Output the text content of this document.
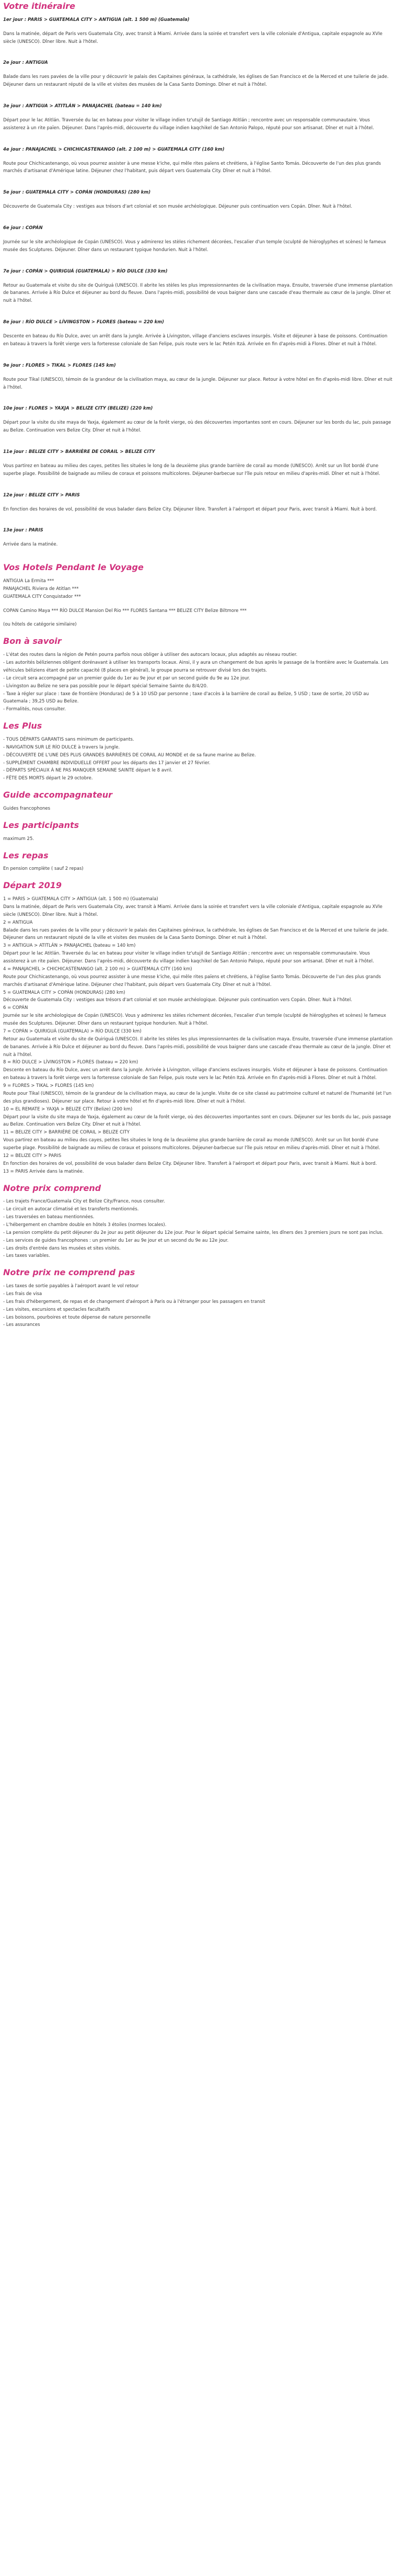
Votre itinéraire
1er jour : PARIS > GUATEMALA CITY > ANTIGUA (alt. 1 500 m) (Guatemala)

Dans la matinée, départ de Paris vers Guatemala City, avec transit à Miami. Arrivée dans la soirée et transfert vers la ville coloniale d'Antigua, capitale espagnole au XVIe siècle (UNESCO). Dîner libre. Nuit à l'hôtel.

2e jour : ANTIGUA

Balade dans les rues pavées de la ville pour y découvrir le palais des Capitaines généraux, la cathédrale, les églises de San Francisco et de la Merced et une tuilerie de jade. Déjeuner dans un restaurant réputé de la ville et visites des musées de la Casa Santo Domingo. Dîner et nuit à l'hôtel.

3e jour : ANTIGUA > ATITLÁN > PANAJACHEL (bateau = 140 km)

Départ pour le lac Atitlán. Traversée du lac en bateau pour visiter le village indien tz'utujil de Santiago Atitlán ; rencontre avec un responsable communautaire. Vous assisterez à un rite païen. Déjeuner. Dans l'après-midi, découverte du village indien kaqchikel de San Antonio Palopo, réputé pour son artisanat. Dîner et nuit à l'hôtel.

4e jour : PANAJACHEL > CHICHICASTENANGO (alt. 2 100 m) > GUATEMALA CITY (160 km)

Route pour Chichicastenango, où vous pourrez assister à une messe k'iche, qui mêle rites païens et chrétiens, à l'église Santo Tomás. Découverte de l'un des plus grands marchés d'artisanat d'Amérique latine. Déjeuner chez l'habitant, puis départ vers Guatemala City. Dîner et nuit à l'hôtel.

5e jour : GUATEMALA CITY > COPÁN (HONDURAS) (280 km)

Découverte de Guatemala City : vestiges aux trésors d'art colonial et son musée archéologique. Déjeuner puis continuation vers Copán. Dîner. Nuit à l'hôtel.

6e jour : COPÁN

Journée sur le site archéologique de Copán (UNESCO). Vous y admirerez les stèles richement décorées, l'escalier d'un temple (sculpté de hiéroglyphes et scènes) le fameux musée des Sculptures. Déjeuner. Dîner dans un restaurant typique hondurien. Nuit à l'hôtel.

7e jour : COPÁN > QUIRIGUÁ (GUATEMALA) > RÍO DULCE (330 km)

Retour au Guatemala et visite du site de Quiriguá (UNESCO). Il abrite les stèles les plus impressionnantes de la civilisation maya. Ensuite, traversée d'une immense plantation de bananes. Arrivée à Río Dulce et déjeuner au bord du fleuve. Dans l'après-midi, possibilité de vous baigner dans une cascade d'eau thermale au cœur de la jungle. Dîner et nuit à l'hôtel.

8e jour : RÍO DULCE > LÍVINGSTON > FLORES (bateau = 220 km)

Descente en bateau du Río Dulce, avec un arrêt dans la jungle. Arrivée à Lívingston, village d'anciens esclaves insurgés. Visite et déjeuner à base de poissons. Continuation en bateau à travers la forêt vierge vers la forteresse coloniale de San Felipe, puis route vers le lac Petén Itzá. Arrivée en fin d'après-midi à Flores. Dîner et nuit à l'hôtel.

9e jour : FLORES > TIKAL > FLORES (145 km)

Route pour Tikal (UNESCO), témoin de la grandeur de la civilisation maya, au cœur de la jungle. Déjeuner sur place. Retour à votre hôtel en fin d'après-midi libre. Dîner et nuit à l'hôtel.

10e jour : FLORES > YAXJA > BELIZE CITY (BELIZE) (220 km)

Départ pour la visite du site maya de Yaxja, également au cœur de la forêt vierge, où des découvertes importantes sont en cours. Déjeuner sur les bords du lac, puis passage au Belize. Continuation vers Belize City. Dîner et nuit à l'hôtel.

11e jour : BELIZE CITY > BARRIÈRE DE CORAIL > BELIZE CITY

Vous partirez en bateau au milieu des cayes, petites îles situées le long de la deuxième plus grande barrière de corail au monde (UNESCO). Arrêt sur un îlot bordé d'une superbe plage. Possibilité de baignade au milieu de coraux et poissons multicolores. Déjeuner-barbecue sur l'île puis retour en milieu d'après-midi. Dîner et nuit à l'hôtel.

12e jour : BELIZE CITY > PARIS

En fonction des horaires de vol, possibilité de vous balader dans Belize City. Déjeuner libre. Transfert à l'aéroport et départ pour Paris, avec transit à Miami. Nuit à bord.

13e jour : PARIS

Arrivée dans la matinée.

Vos Hotels Pendant le Voyage
ANTIGUA La Ermita ***
PANAJACHEL Riviera de Atitlan ***
GUATEMALA CITY Conquistador ***
COPAN Camino Maya *** RÍO DULCE Mansion Del Rio *** FLORES Santana *** BELIZE CITY Belize Biltmore ***
(ou hôtels de catégorie similaire)
Bon à savoir
- L'état des routes dans la région de Petén pourra parfois nous obliger à utiliser des autocars locaux, plus adaptés au réseau routier.
- Les autorités béliziennes obligent dorénavant à utiliser les transports locaux. Ainsi, il y aura un changement de bus après le passage de la frontière avec le Guatemala. Les véhicules béliziens étant de petite capacité (8 places en général), le groupe pourra se retrouver divisé lors des trajets.
- Le circuit sera accompagné par un premier guide du 1er au 9e jour et par un second guide du 9e au 12e jour.
- Lívingston au Belize ne sera pas possible pour le départ spécial Semaine Sainte du 8/4/20.
- Taxe à régler sur place : taxe de frontière (Honduras) de 5 à 10 USD par personne ; taxe d'accès à la barrière de corail au Belize, 5 USD ; taxe de sortie, 20 USD au Guatemala ; 39,25 USD au Belize.
- Formalités, nous consulter.
Les Plus
- TOUS DÉPARTS GARANTIS sans minimum de participants.
- NAVIGATION SUR LE RÍO DULCE à travers la jungle.
- DÉCOUVERTE DE L'UNE DES PLUS GRANDES BARRIÈRES DE CORAIL AU MONDE et de sa faune marine au Belize.
- SUPPLÉMENT CHAMBRE INDIVIDUELLE OFFERT pour les départs des 17 janvier et 27 février.
- DÉPARTS SPÉCIAUX À NE PAS MANQUER SEMAINE SAINTE départ le 8 avril.
- FÊTE DES MORTS départ le 29 octobre.
Guide accompagnateur
Guides francophones
Les participants
maximum 25.
Les repas
En pension complète ( sauf 2 repas)
Départ 2019
1 = PARIS > GUATEMALA CITY > ANTIGUA (alt. 1 500 m) (Guatemala)
Dans la matinée, départ de Paris vers Guatemala City, avec transit à Miami. Arrivée dans la soirée et transfert vers la ville coloniale d'Antigua, capitale espagnole au XVIe siècle (UNESCO). Dîner libre. Nuit à l'hôtel.
2 = ANTIGUA
Balade dans les rues pavées de la ville pour y découvrir le palais des Capitaines généraux, la cathédrale, les églises de San Francisco et de la Merced et une tuilerie de jade. Déjeuner dans un restaurant réputé de la ville et visites des musées de la Casa Santo Domingo. Dîner et nuit à l'hôtel.
3 = ANTIGUA > ATITLÁN > PANAJACHEL (bateau = 140 km)
Départ pour le lac Atitlán. Traversée du lac en bateau pour visiter le village indien tz'utujil de Santiago Atitlán ; rencontre avec un responsable communautaire. Vous assisterez à un rite païen. Déjeuner. Dans l'après-midi, découverte du village indien kaqchikel de San Antonio Palopo, réputé pour son artisanat. Dîner et nuit à l'hôtel.
4 = PANAJACHEL > CHICHICASTENANGO (alt. 2 100 m) > GUATEMALA CITY (160 km)
Route pour Chichicastenango, où vous pourrez assister à une messe k'iche, qui mêle rites païens et chrétiens, à l'église Santo Tomás. Découverte de l'un des plus grands marchés d'artisanat d'Amérique latine. Déjeuner chez l'habitant, puis départ vers Guatemala City. Dîner et nuit à l'hôtel.
5 = GUATEMALA CITY > COPÁN (HONDURAS) (280 km)
Découverte de Guatemala City : vestiges aux trésors d'art colonial et son musée archéologique. Déjeuner puis continuation vers Copán. Dîner. Nuit à l'hôtel.
6 = COPÁN
Journée sur le site archéologique de Copán (UNESCO). Vous y admirerez les stèles richement décorées, l'escalier d'un temple (sculpté de hiéroglyphes et scènes) le fameux musée des Sculptures. Déjeuner. Dîner dans un restaurant typique hondurien. Nuit à l'hôtel.
7 = COPÁN > QUIRIGUÁ (GUATEMALA) > RÍO DULCE (330 km)
Retour au Guatemala et visite du site de Quiriguá (UNESCO). Il abrite les stèles les plus impressionnantes de la civilisation maya. Ensuite, traversée d'une immense plantation de bananes. Arrivée à Río Dulce et déjeuner au bord du fleuve. Dans l'après-midi, possibilité de vous baigner dans une cascade d'eau thermale au cœur de la jungle. Dîner et nuit à l'hôtel.
8 = RÍO DULCE > LÍVINGSTON > FLORES (bateau = 220 km)
Descente en bateau du Río Dulce, avec un arrêt dans la jungle. Arrivée à Lívingston, village d'anciens esclaves insurgés. Visite et déjeuner à base de poissons. Continuation en bateau à travers la forêt vierge vers la forteresse coloniale de San Felipe, puis route vers le lac Petén Itzá. Arrivée en fin d'après-midi à Flores. Dîner et nuit à l'hôtel.
9 = FLORES > TIKAL > FLORES (145 km)
Route pour Tikal (UNESCO), témoin de la grandeur de la civilisation maya, au cœur de la jungle. Visite de ce site classé au patrimoine culturel et naturel de l'humanité (et l'un des plus grandioses). Déjeuner sur place. Retour à votre hôtel et fin d'après-midi libre. Dîner et nuit à l'hôtel.
10 = EL REMATE > YAXJA > BELIZE CITY (Belize) (200 km)
Départ pour la visite du site maya de Yaxja, également au cœur de la forêt vierge, où des découvertes importantes sont en cours. Déjeuner sur les bords du lac, puis passage au Belize. Continuation vers Belize City. Dîner et nuit à l'hôtel.
11 = BELIZE CITY > BARRIÈRE DE CORAIL > BELIZE CITY
Vous partirez en bateau au milieu des cayes, petites îles situées le long de la deuxième plus grande barrière de corail au monde (UNESCO). Arrêt sur un îlot bordé d'une superbe plage. Possibilité de baignade au milieu de coraux et poissons multicolores. Déjeuner-barbecue sur l'île puis retour en milieu d'après-midi. Dîner et nuit à l'hôtel.
12 = BELIZE CITY > PARIS
En fonction des horaires de vol, possibilité de vous balader dans Belize City. Déjeuner libre. Transfert à l'aéroport et départ pour Paris, avec transit à Miami. Nuit à bord.
13 = PARIS Arrivée dans la matinée.
Notre prix comprend
- Les trajets France/Guatemala City et Belize City/France, nous consulter.
- Le circuit en autocar climatisé et les transferts mentionnés.
- Les traversées en bateau mentionnées.
- L'hébergement en chambre double en hôtels 3 étoiles (normes locales).
- La pension complète du petit déjeuner du 2e jour au petit déjeuner du 12e jour. Pour le départ spécial Semaine sainte, les dîners des 3 premiers jours ne sont pas inclus.
- Les services de guides francophones : un premier du 1er au 9e jour et un second du 9e au 12e jour.
- Les droits d'entrée dans les musées et sites visités.
- Les taxes variables.
Notre prix ne comprend pas
- Les taxes de sortie payables à l'aéroport avant le vol retour
- Les frais de visa
- Les frais d'hébergement, de repas et de changement d'aéroport à Paris ou à l'étranger pour les passagers en transit
- Les visites, excursions et spectacles facultatifs
- Les boissons, pourboires et toute dépense de nature personnelle
- Les assurances
